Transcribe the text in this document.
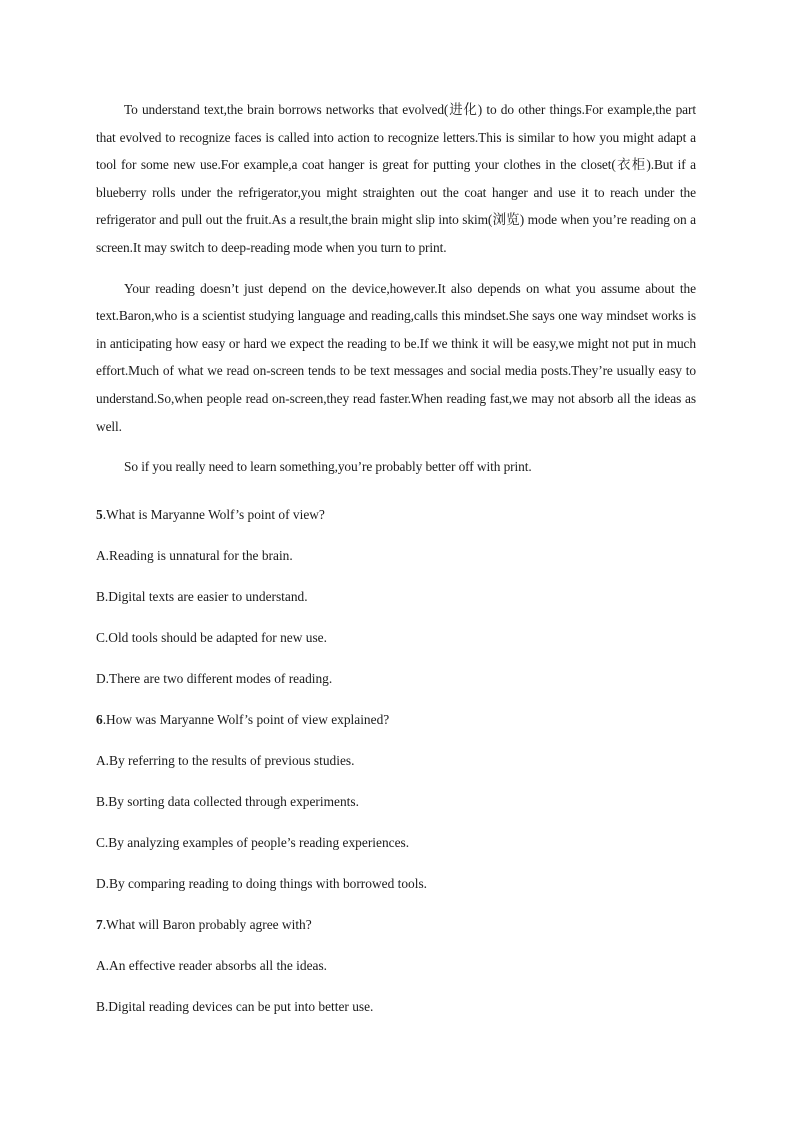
To understand text,the brain borrows networks that evolved(进化) to do other things.For example,the part that evolved to recognize faces is called into action to recognize letters.This is similar to how you might adapt a tool for some new use.For example,a coat hanger is great for putting your clothes in the closet(衣柜).But if a blueberry rolls under the refrigerator,you might straighten out the coat hanger and use it to reach under the refrigerator and pull out the fruit.As a result,the brain might slip into skim(浏览) mode when you’re reading on a screen.It may switch to deep-reading mode when you turn to print.

Your reading doesn’t just depend on the device,however.It also depends on what you assume about the text.Baron,who is a scientist studying language and reading,calls this mindset.She says one way mindset works is in anticipating how easy or hard we expect the reading to be.If we think it will be easy,we might not put in much effort.Much of what we read on-screen tends to be text messages and social media posts.They’re usually easy to understand.So,when people read on-screen,they read faster.When reading fast,we may not absorb all the ideas as well.

So if you really need to learn something,you’re probably better off with print.

5.What is Maryanne Wolf’s point of view?

A.Reading is unnatural for the brain.

B.Digital texts are easier to understand.

C.Old tools should be adapted for new use.

D.There are two different modes of reading.

6.How was Maryanne Wolf’s point of view explained?

A.By referring to the results of previous studies.

B.By sorting data collected through experiments.

C.By analyzing examples of people’s reading experiences.

D.By comparing reading to doing things with borrowed tools.

7.What will Baron probably agree with?

A.An effective reader absorbs all the ideas.

B.Digital reading devices can be put into better use.
